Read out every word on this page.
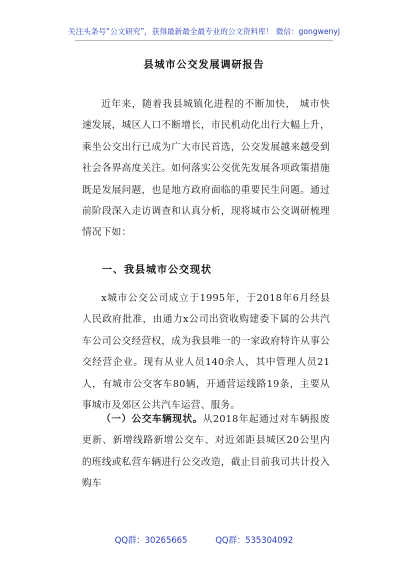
关注头条号“公文研究”，获得最新最全最专业的公文资料库！ 微信：gongwenyj
县城市公交发展调研报告

近年来，随着我县城镇化进程的不断加快， 城市快速发展，城区人口不断增长，市民机动化出行大幅上升，乘坐公交出行已成为广大市民首选，公交发展越来越受到社会各界高度关注。如何落实公交优先发展各项政策措施既是发展问题，也是地方政府面临的重要民生问题。通过前阶段深入走访调查和认真分析，现将城市公交调研梳理情况下如：

一、我县城市公交现状

x城市公交公司成立于1995年，于2018年6月经县人民政府批准，由通力x公司出资收购建委下属的公共汽车公司公交经营权，成为我县唯一的一家政府特许从事公交经营企业。现有从业人员140余人，其中管理人员21人，有城市公交客车80辆，开通营运线路19条，主要从事城市及郊区公共汽车运营、服务。

（一）公交车辆现状。从2018年起通过对车辆报废更新、新增线路新增公交车、对近郊距县城区20公里内的班线或私营车辆进行公交改造，截止目前我司共计投入购车

QQ群：30265665	QQ群：535304092
